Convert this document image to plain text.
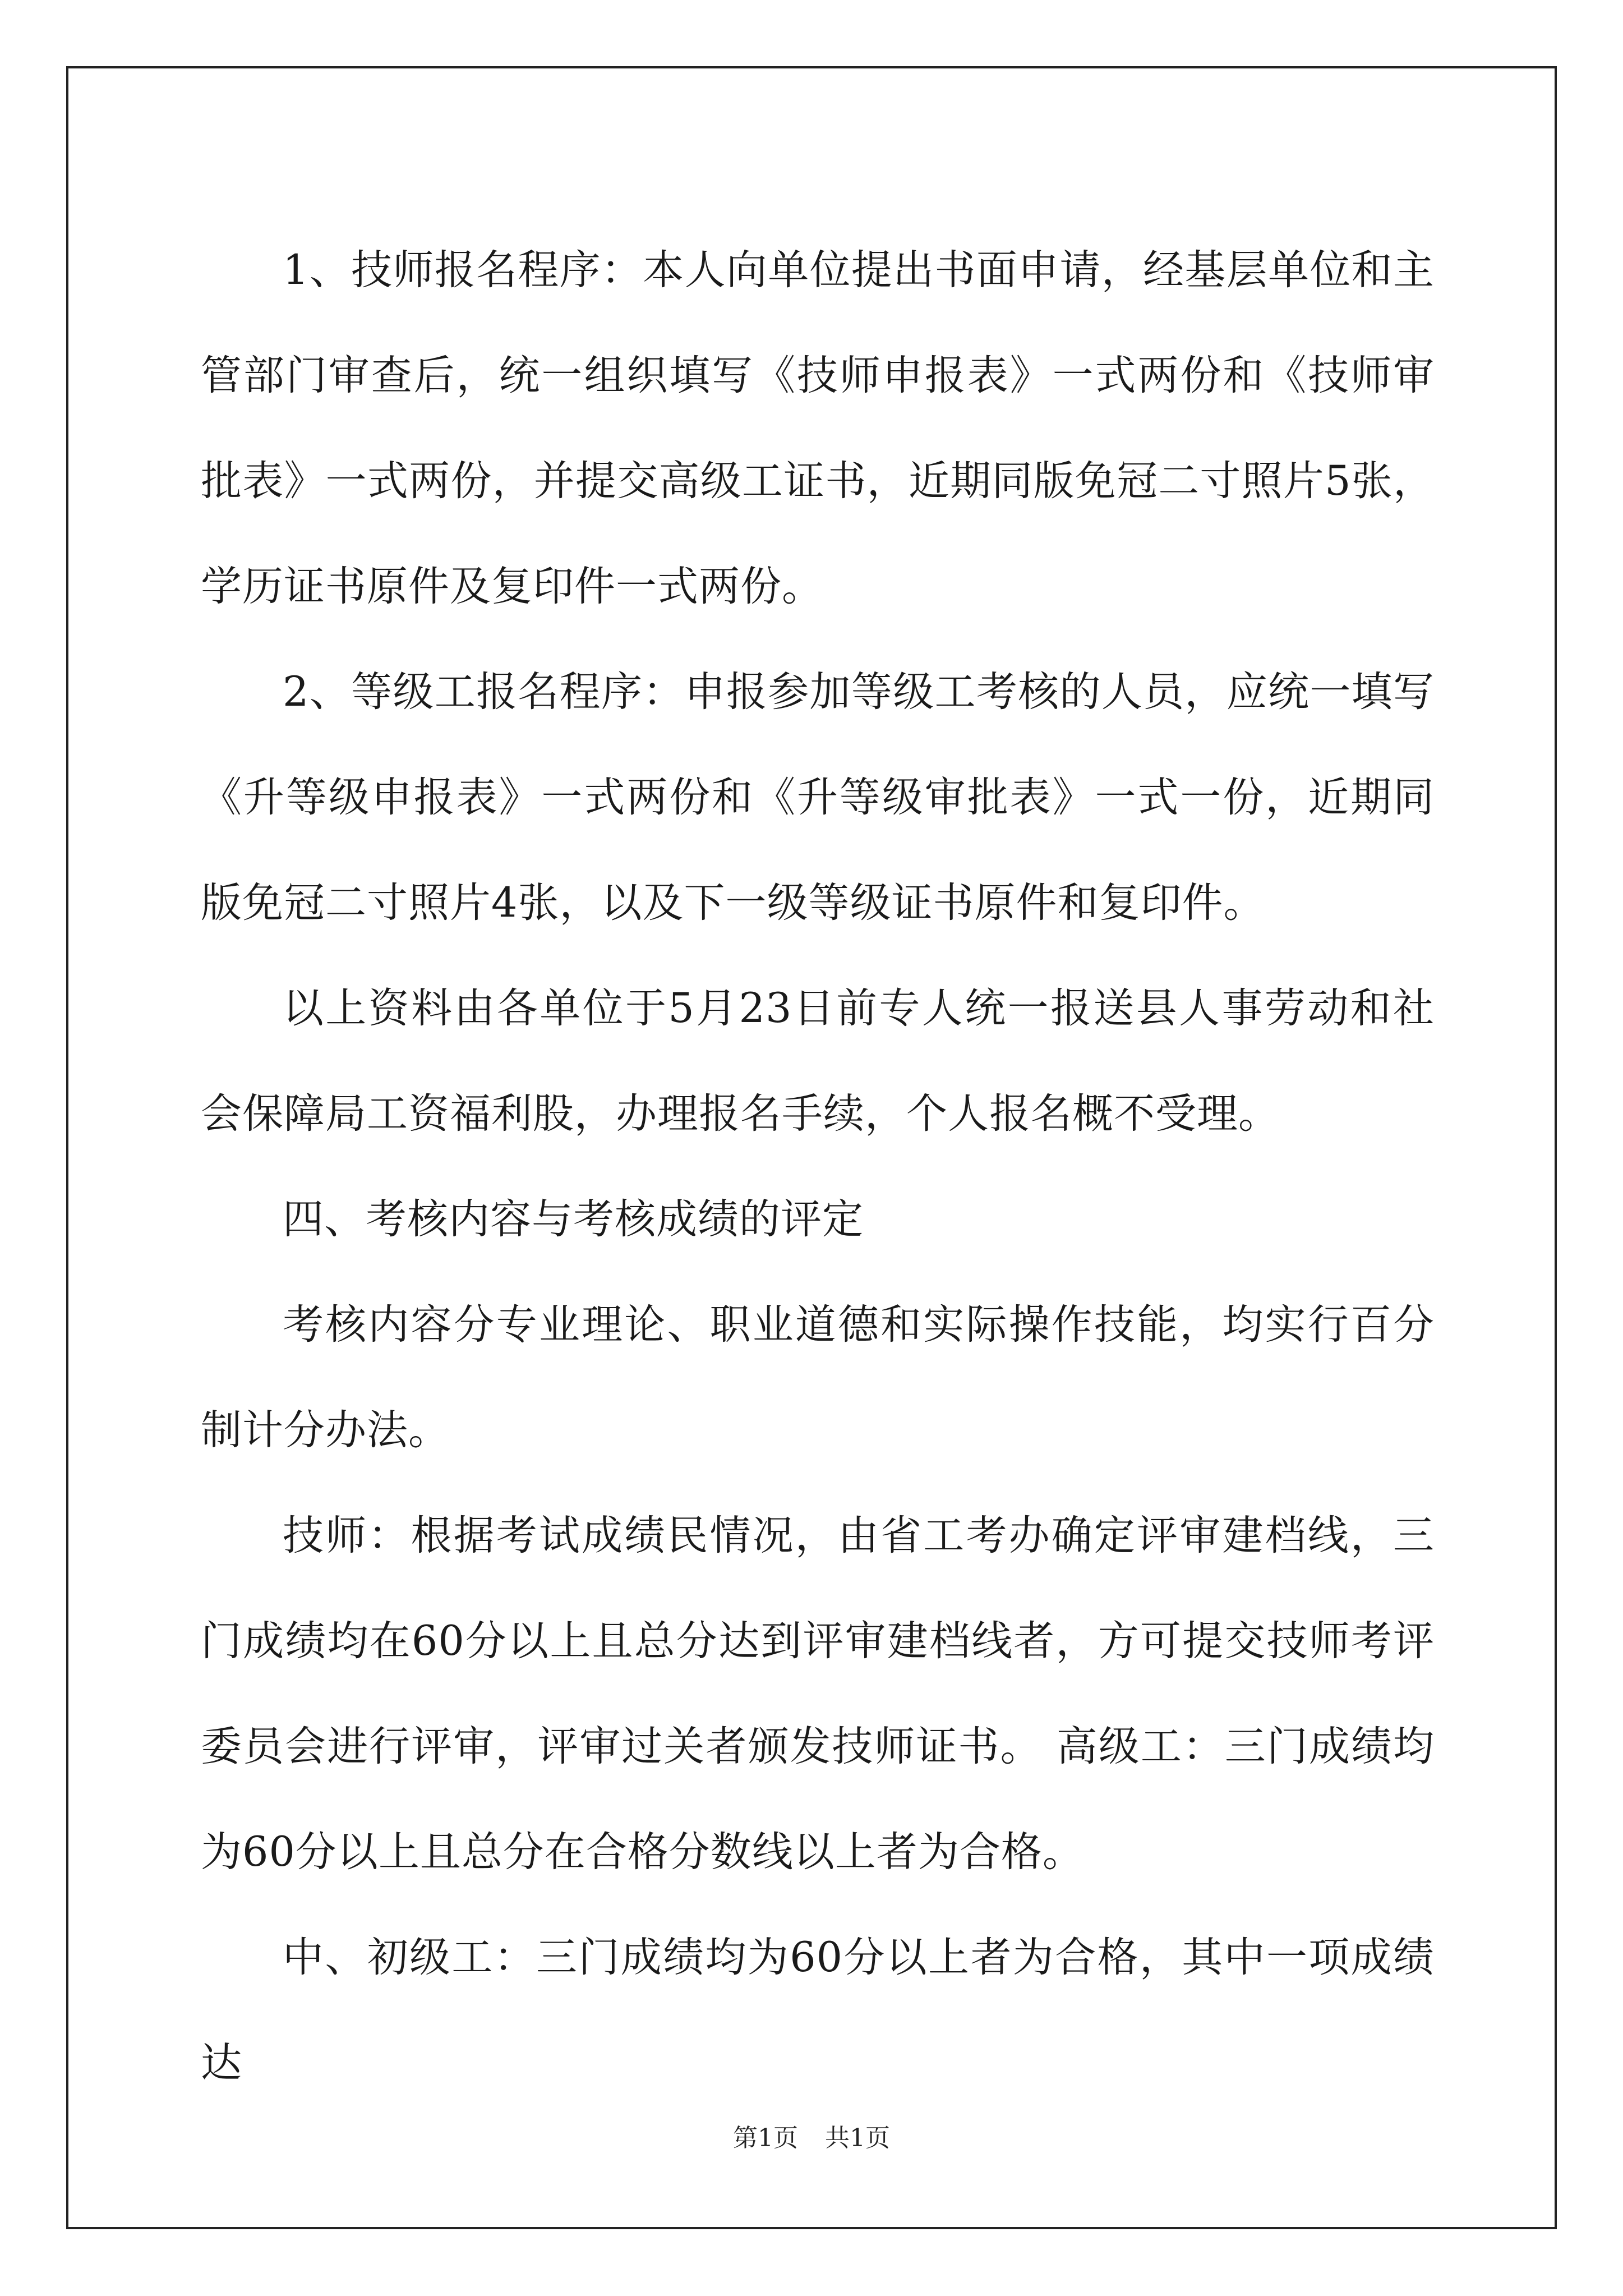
1、技师报名程序：本人向单位提出书面申请，经基层单位和主管部门审查后，统一组织填写《技师申报表》一式两份和《技师审批表》一式两份，并提交高级工证书，近期同版免冠二寸照片5张，学历证书原件及复印件一式两份。

2、等级工报名程序：申报参加等级工考核的人员，应统一填写《升等级申报表》一式两份和《升等级审批表》一式一份，近期同版免冠二寸照片4张，以及下一级等级证书原件和复印件。

以上资料由各单位于5月23日前专人统一报送县人事劳动和社会保障局工资福利股，办理报名手续，个人报名概不受理。

四、考核内容与考核成绩的评定

考核内容分专业理论、职业道德和实际操作技能，均实行百分制计分办法。

技师：根据考试成绩民情况，由省工考办确定评审建档线，三门成绩均在60分以上且总分达到评审建档线者，方可提交技师考评委员会进行评审，评审过关者颁发技师证书。 高级工：三门成绩均为60分以上且总分在合格分数线以上者为合格。

中、初级工：三门成绩均为60分以上者为合格，其中一项成绩达

第1页 共1页
